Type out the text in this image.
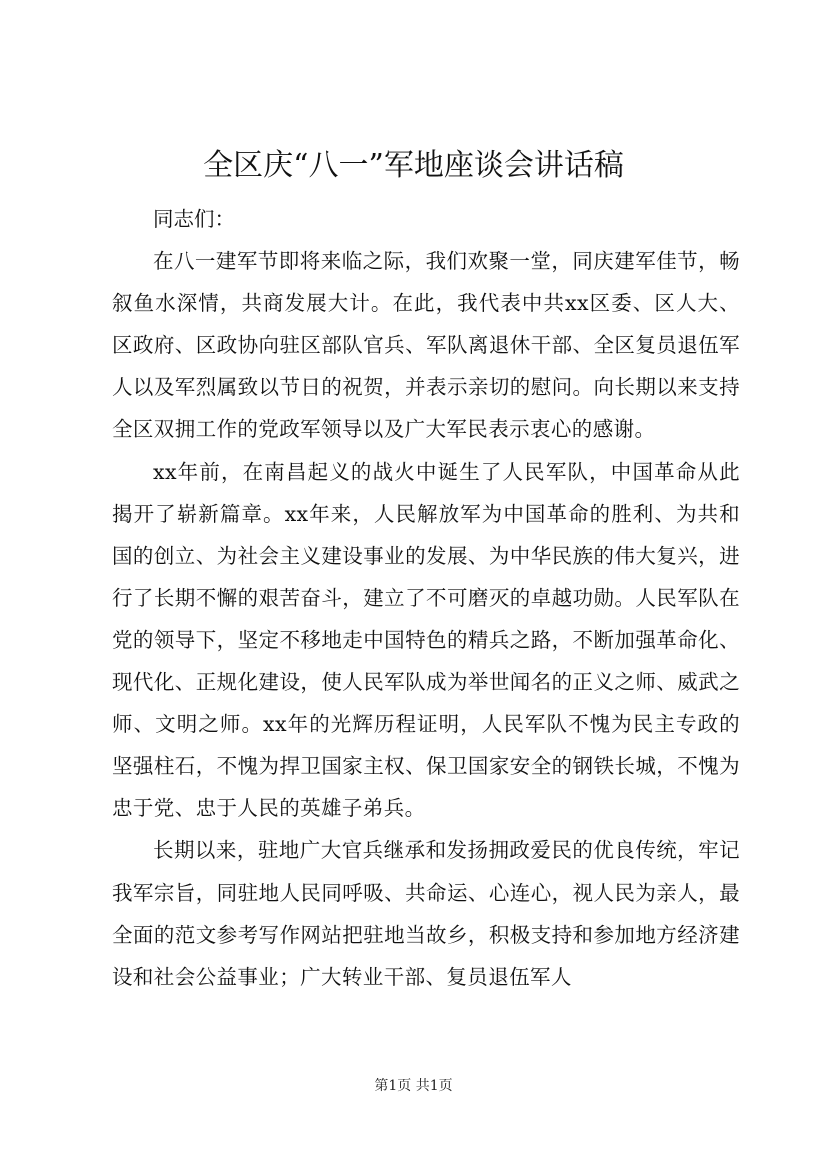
全区庆“八一”军地座谈会讲话稿

同志们：

在八一建军节即将来临之际，我们欢聚一堂，同庆建军佳节，畅叙鱼水深情，共商发展大计。在此，我代表中共xx区委、区人大、区政府、区政协向驻区部队官兵、军队离退休干部、全区复员退伍军人以及军烈属致以节日的祝贺，并表示亲切的慰问。向长期以来支持全区双拥工作的党政军领导以及广大军民表示衷心的感谢。

xx年前，在南昌起义的战火中诞生了人民军队，中国革命从此揭开了崭新篇章。xx年来，人民解放军为中国革命的胜利、为共和国的创立、为社会主义建设事业的发展、为中华民族的伟大复兴，进行了长期不懈的艰苦奋斗，建立了不可磨灭的卓越功勋。人民军队在党的领导下，坚定不移地走中国特色的精兵之路，不断加强革命化、现代化、正规化建设，使人民军队成为举世闻名的正义之师、威武之师、文明之师。xx年的光辉历程证明，人民军队不愧为民主专政的坚强柱石，不愧为捍卫国家主权、保卫国家安全的钢铁长城，不愧为忠于党、忠于人民的英雄子弟兵。

长期以来，驻地广大官兵继承和发扬拥政爱民的优良传统，牢记我军宗旨，同驻地人民同呼吸、共命运、心连心，视人民为亲人，最全面的范文参考写作网站把驻地当故乡，积极支持和参加地方经济建设和社会公益事业；广大转业干部、复员退伍军人

第1页 共1页
